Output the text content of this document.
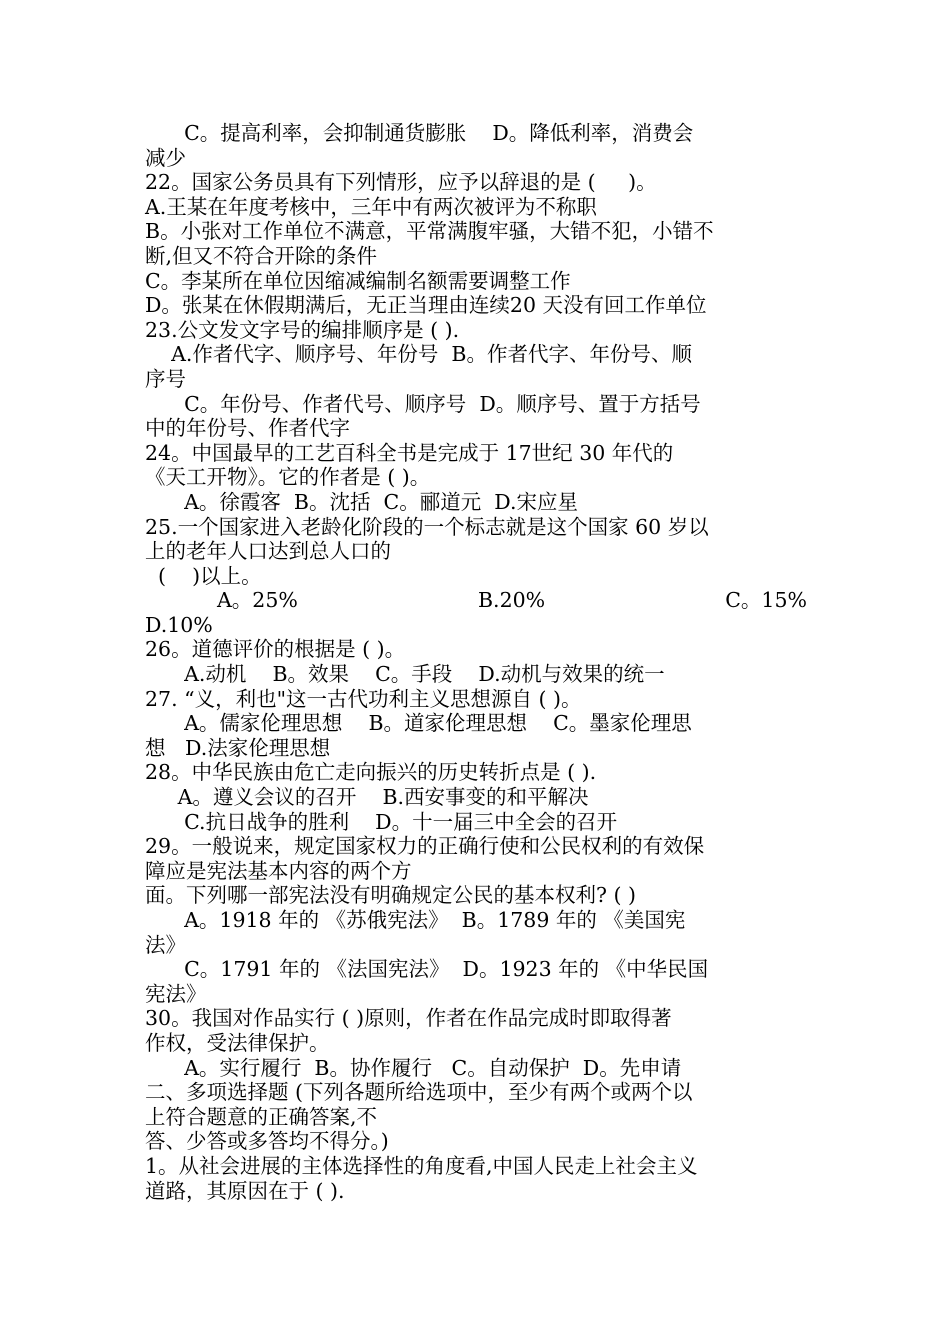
C。提高利率，会抑制通货膨胀    D。降低利率，消费会
减少
22。国家公务员具有下列情形，应予以辞退的是 (     )。
A.王某在年度考核中，三年中有两次被评为不称职
B。小张对工作单位不满意，平常满腹牢骚，大错不犯，小错不
断,但又不符合开除的条件
C。李某所在单位因缩减编制名额需要调整工作
D。张某在休假期满后，无正当理由连续20 天没有回工作单位
23.公文发文字号的编排顺序是 ( ).
A.作者代字、顺序号、年份号  B。作者代字、年份号、顺
序号
C。年份号、作者代号、顺序号  D。顺序号、置于方括号
中的年份号、作者代字
24。中国最早的工艺百科全书是完成于 17世纪 30 年代的
《天工开物》。它的作者是 ( )。
A。徐霞客  B。沈括  C。郦道元  D.宋应星
25.一个国家进入老龄化阶段的一个标志就是这个国家 60 岁以
上的老年人口达到总人口的
(    )以上。
A。25%	B.20%	C。15%
D.10%
26。道德评价的根据是 ( )。
A.动机    B。效果    C。手段    D.动机与效果的统一
27. “义，利也"这一古代功利主义思想源自 ( )。
A。儒家伦理思想    B。道家伦理思想    C。墨家伦理思
想   D.法家伦理思想
28。中华民族由危亡走向振兴的历史转折点是 ( ).
A。遵义会议的召开    B.西安事变的和平解决
C.抗日战争的胜利    D。十一届三中全会的召开
29。一般说来，规定国家权力的正确行使和公民权利的有效保
障应是宪法基本内容的两个方
面。下列哪一部宪法没有明确规定公民的基本权利? ( )
A。1918 年的 《苏俄宪法》  B。1789 年的 《美国宪
法》
C。1791 年的 《法国宪法》  D。1923 年的 《中华民国
宪法》
30。我国对作品实行 ( )原则，作者在作品完成时即取得著
作权，受法律保护。
A。实行履行  B。协作履行   C。自动保护  D。先申请
二、多项选择题 (下列各题所给选项中，至少有两个或两个以
上符合题意的正确答案,不
答、少答或多答均不得分。)
1。从社会进展的主体选择性的角度看,中国人民走上社会主义
道路，其原因在于 ( ).
